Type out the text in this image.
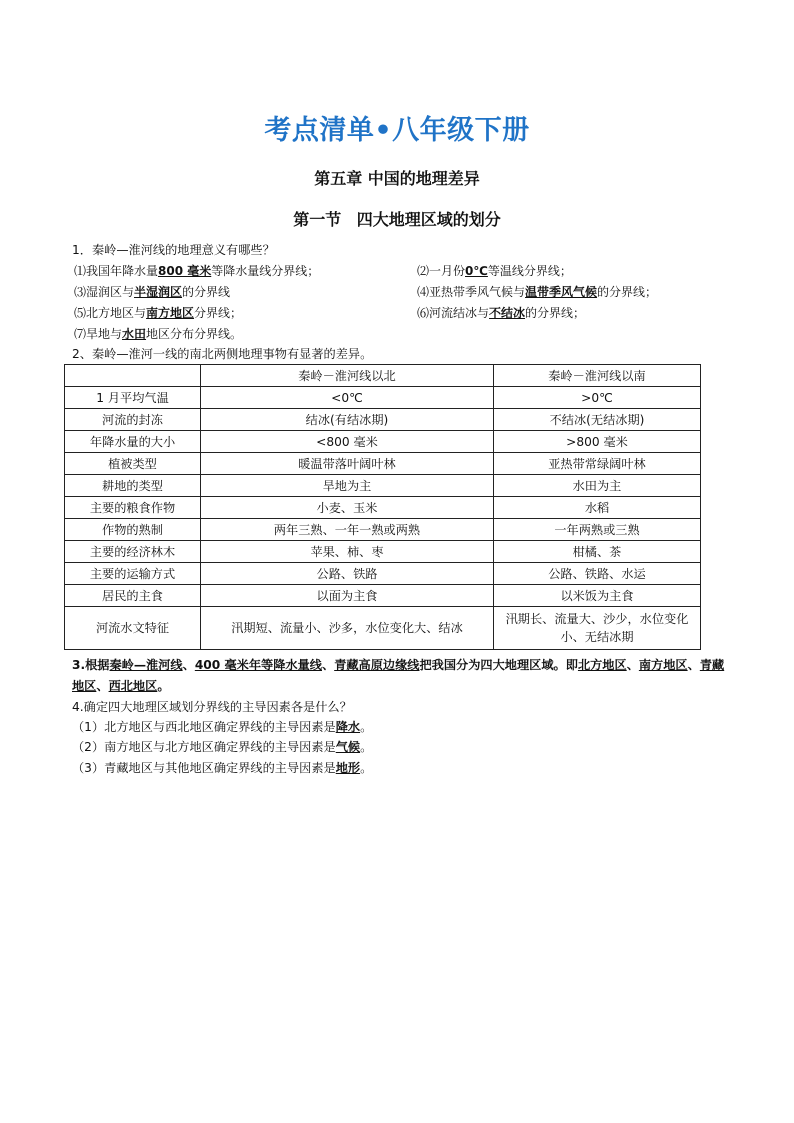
考点清单•八年级下册
第五章 中国的地理差异
第一节 四大地理区域的划分
1．秦岭—淮河线的地理意义有哪些？
⑴我国年降水量800 毫米等降水量线分界线；	⑵一月份0℃等温线分界线；
⑶湿润区与半湿润区的分界线	⑷亚热带季风气候与温带季风气候的分界线；
⑸北方地区与南方地区分界线；	⑹河流结冰与不结冰的分界线；
⑺旱地与水田地区分布分界线。
2、秦岭—淮河一线的南北两侧地理事物有显著的差异。
	秦岭－淮河线以北	秦岭－淮河线以南
1 月平均气温	<0℃	>0℃
河流的封冻	结冰(有结冰期)	不结冰(无结冰期)
年降水量的大小	<800 毫米	>800 毫米
植被类型	暖温带落叶阔叶林	亚热带常绿阔叶林
耕地的类型	旱地为主	水田为主
主要的粮食作物	小麦、玉米	水稻
作物的熟制	两年三熟、一年一熟或两熟	一年两熟或三熟
主要的经济林木	苹果、柿、枣	柑橘、茶
主要的运输方式	公路、铁路	公路、铁路、水运
居民的主食	以面为主食	以米饭为主食
河流水文特征	汛期短、流量小、沙多，水位变化大、结冰	汛期长、流量大、沙少，水位变化小、无结冰期
3.根据秦岭—淮河线、400 毫米年等降水量线、青藏高原边缘线把我国分为四大地理区域。即北方地区、南方地区、青藏地区、西北地区。
4.确定四大地理区域划分界线的主导因素各是什么？
（1）北方地区与西北地区确定界线的主导因素是降水。
（2）南方地区与北方地区确定界线的主导因素是气候。
（3）青藏地区与其他地区确定界线的主导因素是地形。
